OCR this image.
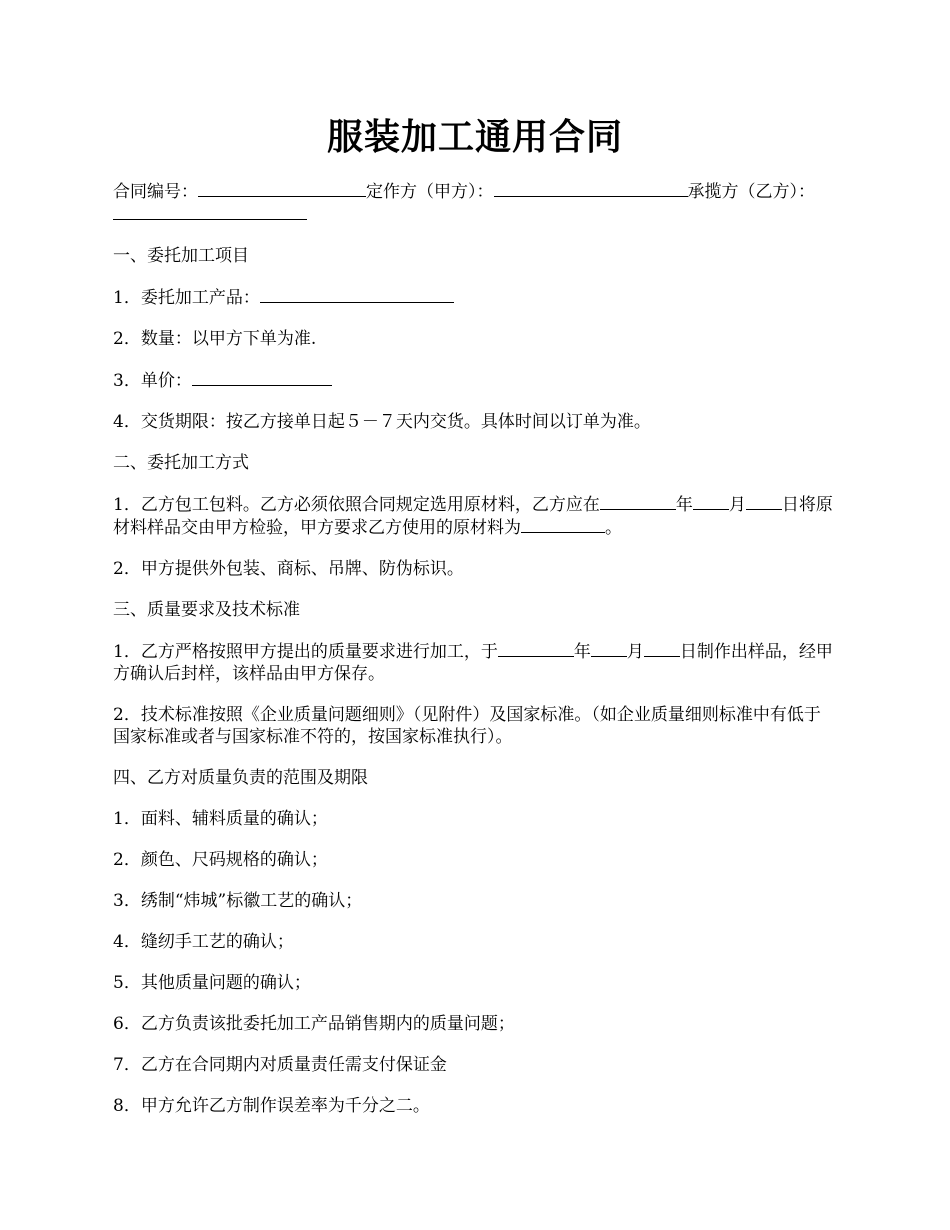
服装加工通用合同
合同编号：	定作方（甲方）：	承揽方（乙方）：
一、委托加工项目
1．委托加工产品：
2．数量：以甲方下单为准.
3．单价：
4．交货期限：按乙方接单日起５－７天内交货。具体时间以订单为准。
二、委托加工方式
1．乙方包工包料。乙方必须依照合同规定选用原材料，乙方应在	年 月 日将原材料样品交由甲方检验，甲方要求乙方使用的原材料为	。
2．甲方提供外包装、商标、吊牌、防伪标识。
三、质量要求及技术标准
1．乙方严格按照甲方提出的质量要求进行加工，于	年 月 日制作出样品，经甲方确认后封样，该样品由甲方保存。
2．技术标准按照《企业质量问题细则》（见附件）及国家标准。（如企业质量细则标准中有低于国家标准或者与国家标准不符的，按国家标准执行）。
四、乙方对质量负责的范围及期限
1．面料、辅料质量的确认；
2．颜色、尺码规格的确认；
3．绣制“炜城”标徽工艺的确认；
4．缝纫手工艺的确认；
5．其他质量问题的确认；
6．乙方负责该批委托加工产品销售期内的质量问题；
7．乙方在合同期内对质量责任需支付保证金
8．甲方允许乙方制作误差率为千分之二。
